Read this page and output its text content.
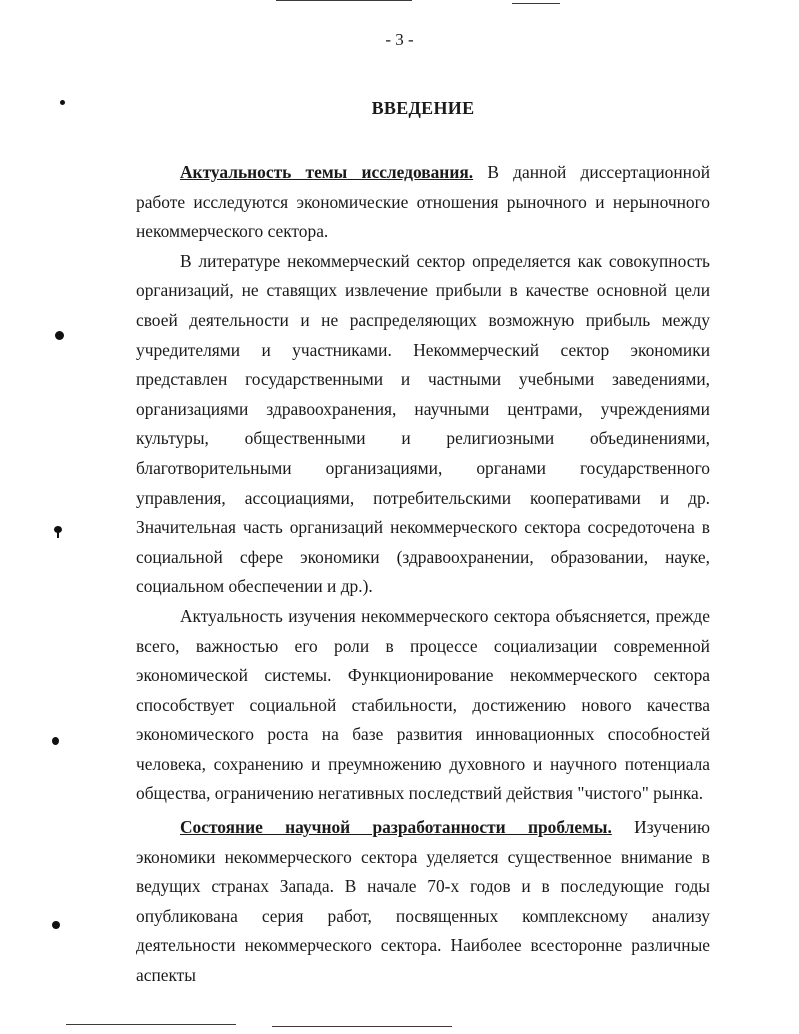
- 3 -
ВВЕДЕНИЕ

Актуальность темы исследования. В данной диссертационной работе исследуются экономические отношения рыночного и нерыночного некоммерческого сектора.

В литературе некоммерческий сектор определяется как совокупность организаций, не ставящих извлечение прибыли в качестве основной цели своей деятельности и не распределяющих возможную прибыль между учредителями и участниками. Некоммерческий сектор экономики представлен государственными и частными учебными заведениями, организациями здравоохранения, научными центрами, учреждениями культуры, общественными и религиозными объединениями, благотворительными организациями, органами государственного управления, ассоциациями, потребительскими кооперативами и др. Значительная часть организаций некоммерческого сектора сосредоточена в социальной сфере экономики (здравоохранении, образовании, науке, социальном обеспечении и др.).

Актуальность изучения некоммерческого сектора объясняется, прежде всего, важностью его роли в процессе социализации современной экономической системы. Функционирование некоммерческого сектора способствует социальной стабильности, достижению нового качества экономического роста на базе развития инновационных способностей человека, сохранению и преумножению духовного и научного потенциала общества, ограничению негативных последствий действия "чистого" рынка.

Состояние научной разработанности проблемы. Изучению экономики некоммерческого сектора уделяется существенное внимание в ведущих странах Запада. В начале 70-х годов и в последующие годы опубликована серия работ, посвященных комплексному анализу деятельности некоммерческого сектора. Наиболее всесторонне различные аспекты
